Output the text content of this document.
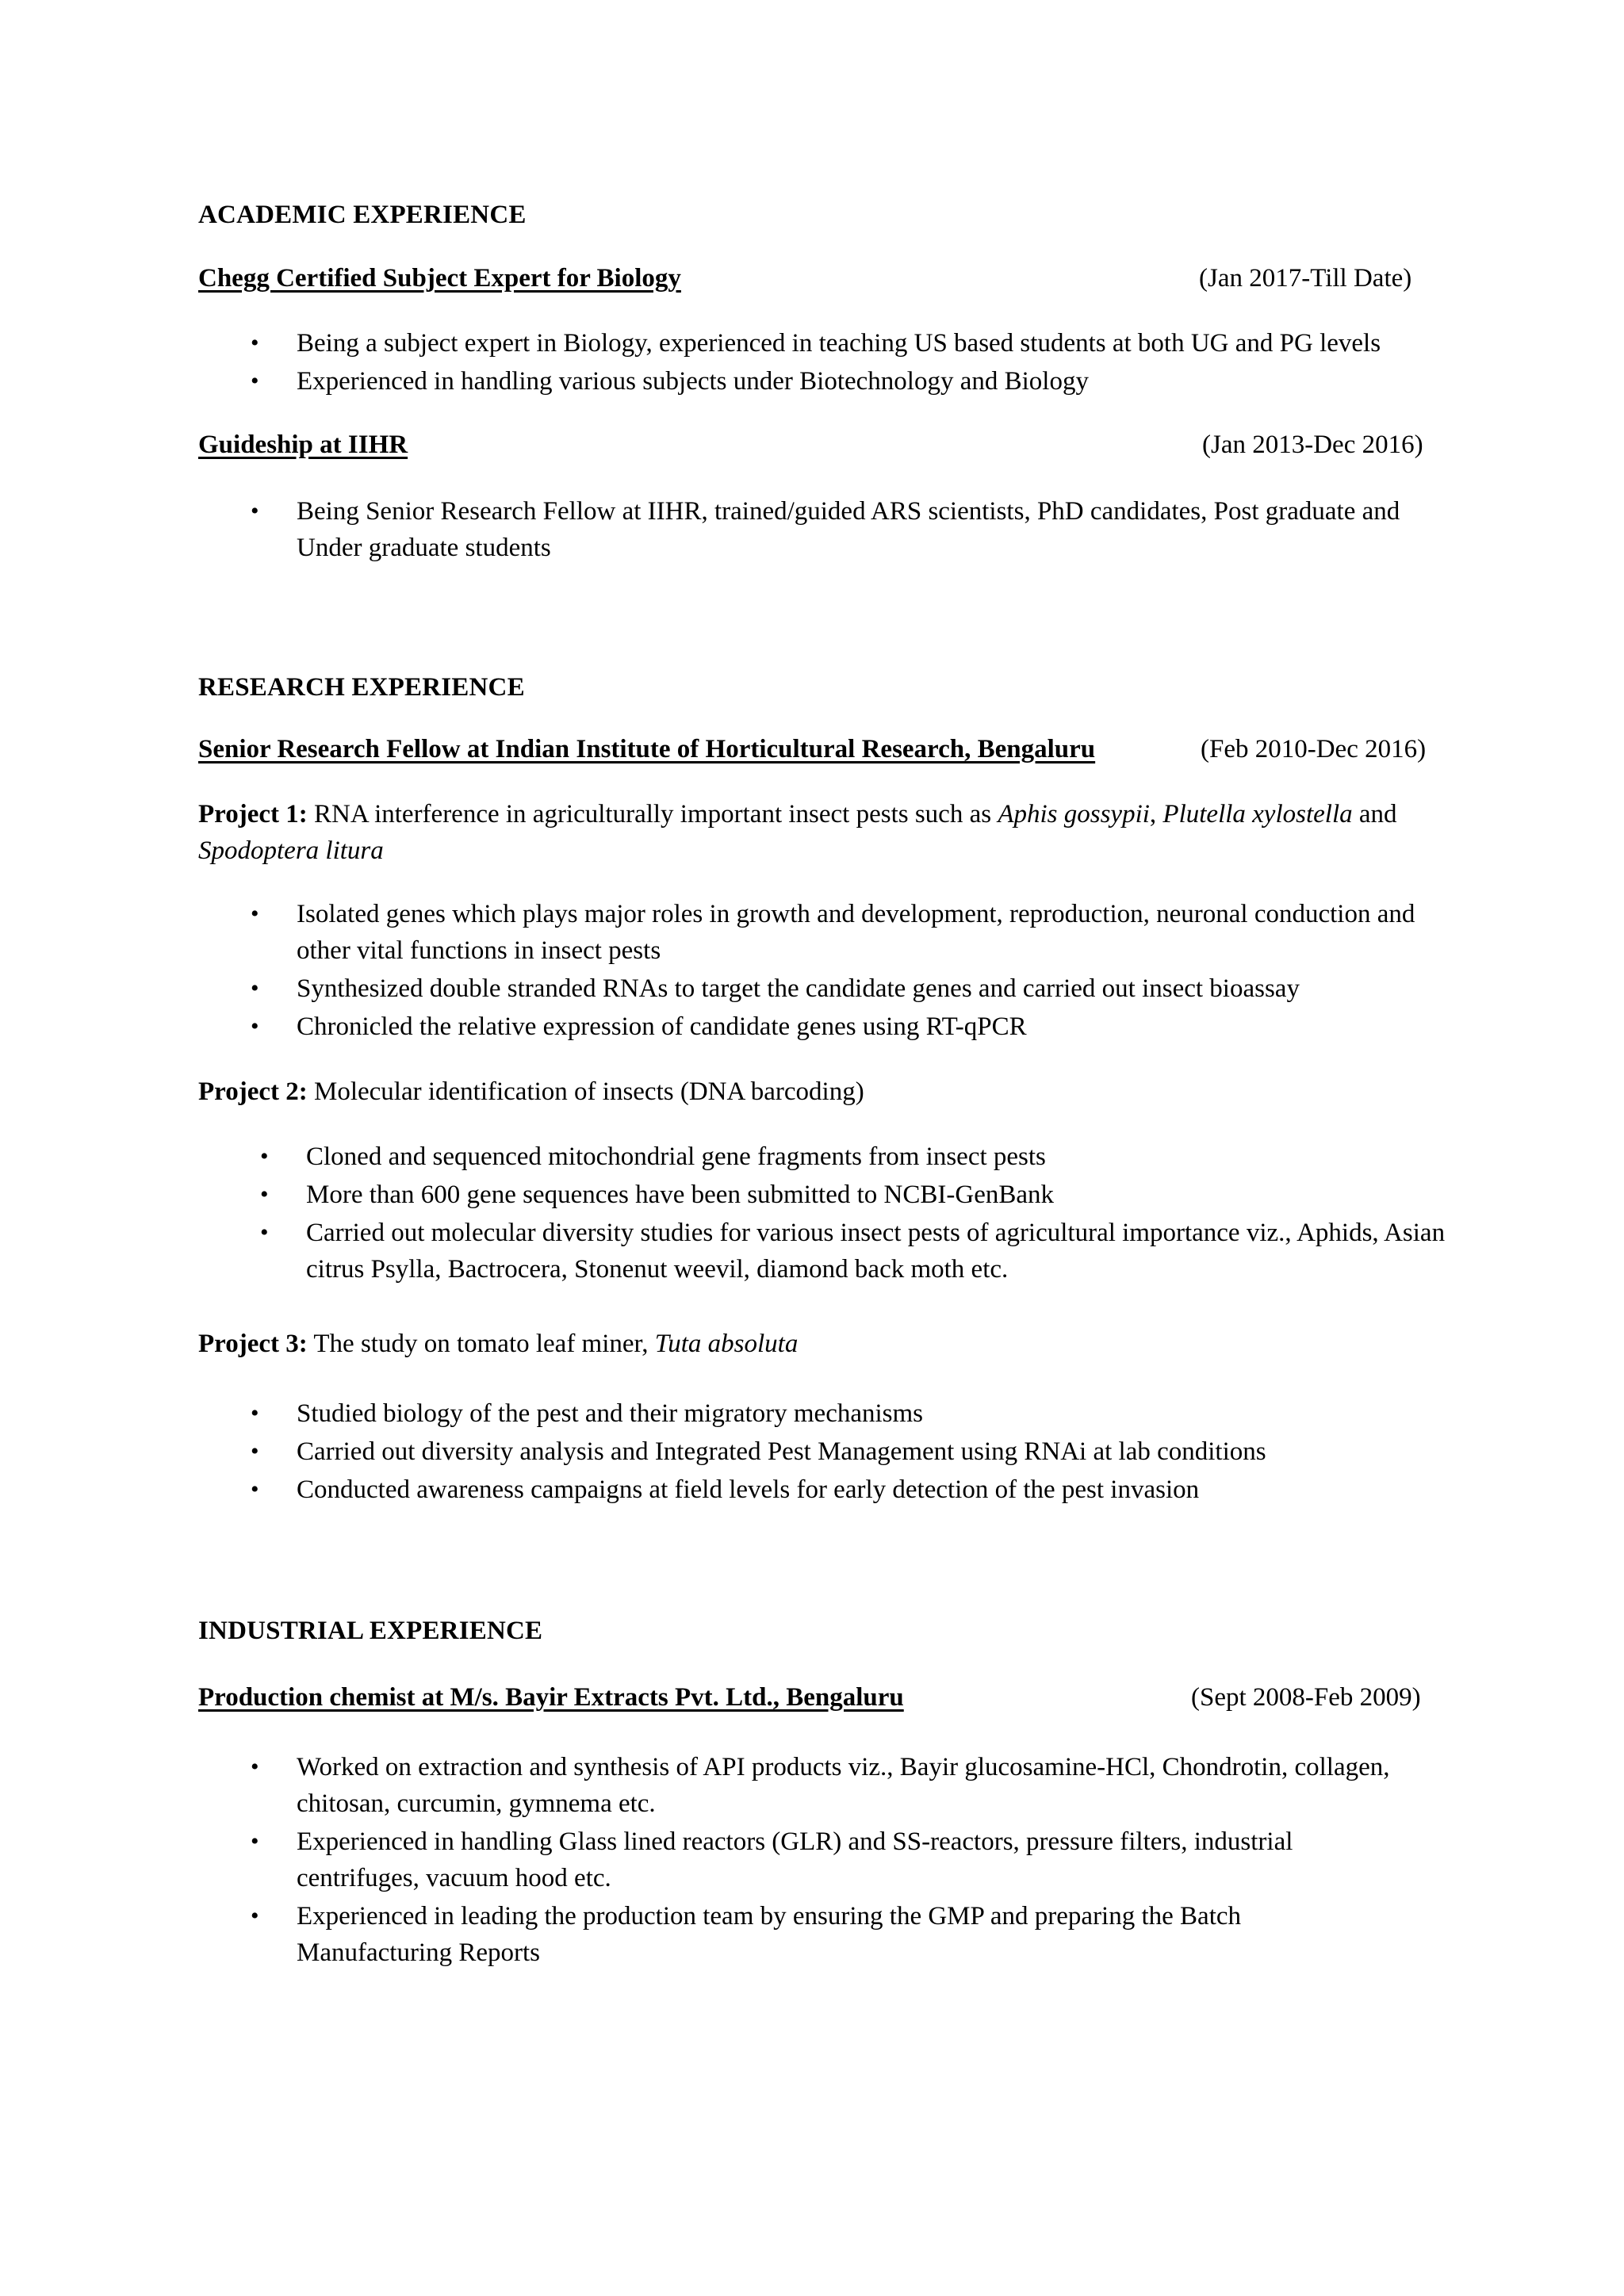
ACADEMIC EXPERIENCE
Chegg Certified Subject Expert for Biology	(Jan 2017-Till Date)
• Being a subject expert in Biology, experienced in teaching US based students at both UG and PG levels
• Experienced in handling various subjects under Biotechnology and Biology
Guideship at IIHR	(Jan 2013-Dec 2016)
• Being Senior Research Fellow at IIHR, trained/guided ARS scientists, PhD candidates, Post graduate and Under graduate students
RESEARCH EXPERIENCE
Senior Research Fellow at Indian Institute of Horticultural Research, Bengaluru	(Feb 2010-Dec 2016)
Project 1: RNA interference in agriculturally important insect pests such as Aphis gossypii, Plutella xylostella and Spodoptera litura
• Isolated genes which plays major roles in growth and development, reproduction, neuronal conduction and other vital functions in insect pests
• Synthesized double stranded RNAs to target the candidate genes and carried out insect bioassay
• Chronicled the relative expression of candidate genes using RT-qPCR
Project 2: Molecular identification of insects (DNA barcoding)
• Cloned and sequenced mitochondrial gene fragments from insect pests
• More than 600 gene sequences have been submitted to NCBI-GenBank
• Carried out molecular diversity studies for various insect pests of agricultural importance viz., Aphids, Asian citrus Psylla, Bactrocera, Stonenut weevil, diamond back moth etc.
Project 3: The study on tomato leaf miner, Tuta absoluta
• Studied biology of the pest and their migratory mechanisms
• Carried out diversity analysis and Integrated Pest Management using RNAi at lab conditions
• Conducted awareness campaigns at field levels for early detection of the pest invasion
INDUSTRIAL EXPERIENCE
Production chemist at M/s. Bayir Extracts Pvt. Ltd., Bengaluru	(Sept 2008-Feb 2009)
• Worked on extraction and synthesis of API products viz., Bayir glucosamine-HCl, Chondrotin, collagen, chitosan, curcumin, gymnema etc.
• Experienced in handling Glass lined reactors (GLR) and SS-reactors, pressure filters, industrial centrifuges, vacuum hood etc.
• Experienced in leading the production team by ensuring the GMP and preparing the Batch Manufacturing Reports
